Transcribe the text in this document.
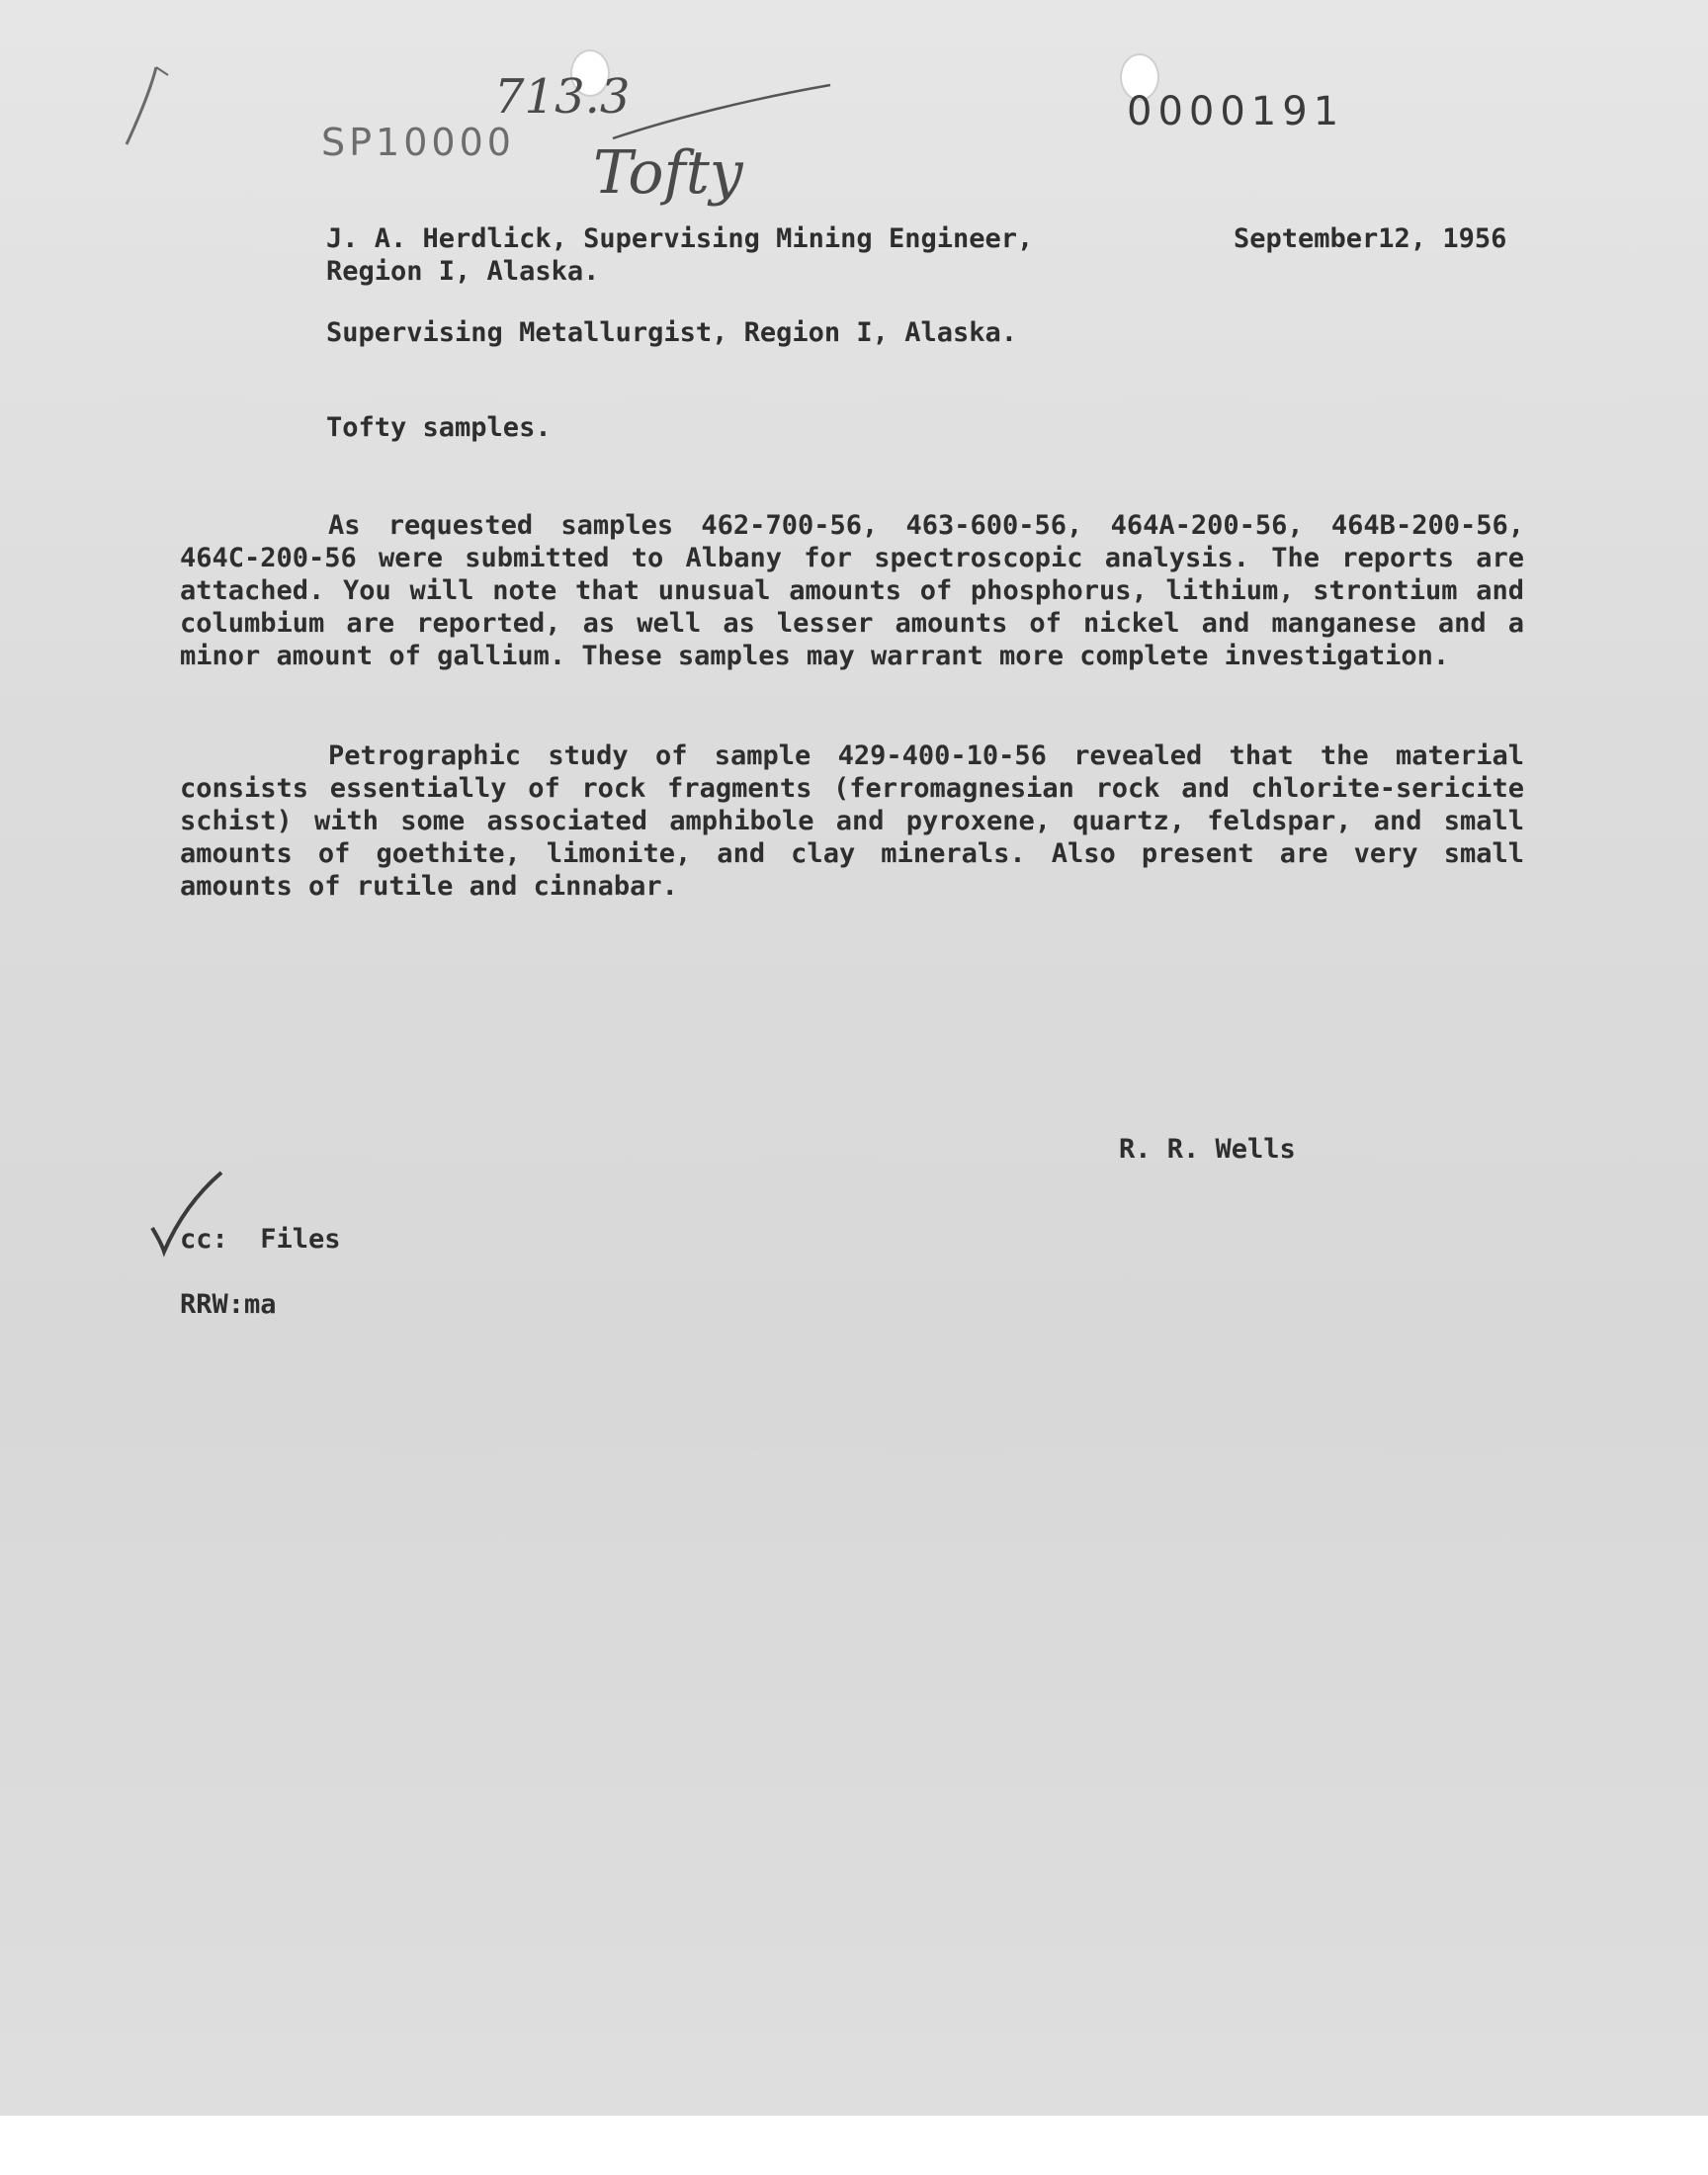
SP10000
713.3
Tofty
0000191
J. A. Herdlick, Supervising Mining Engineer,
Region I, Alaska.
September12, 1956
Supervising Metallurgist, Region I, Alaska.
Tofty samples.
As requested samples 462-700-56, 463-600-56, 464A-200-56, 464B-200-56, 464C-200-56 were submitted to Albany for spectroscopic analysis. The reports are attached. You will note that unusual amounts of phosphorus, lithium, strontium and columbium are reported, as well as lesser amounts of nickel and manganese and a minor amount of gallium. These samples may warrant more complete investigation.
Petrographic study of sample 429-400-10-56 revealed that the material consists essentially of rock fragments (ferromagnesian rock and chlorite-sericite schist) with some associated amphibole and pyroxene, quartz, feldspar, and small amounts of goethite, limonite, and clay minerals. Also present are very small amounts of rutile and cinnabar.
R. R. Wells
cc:  Files
RRW:ma
